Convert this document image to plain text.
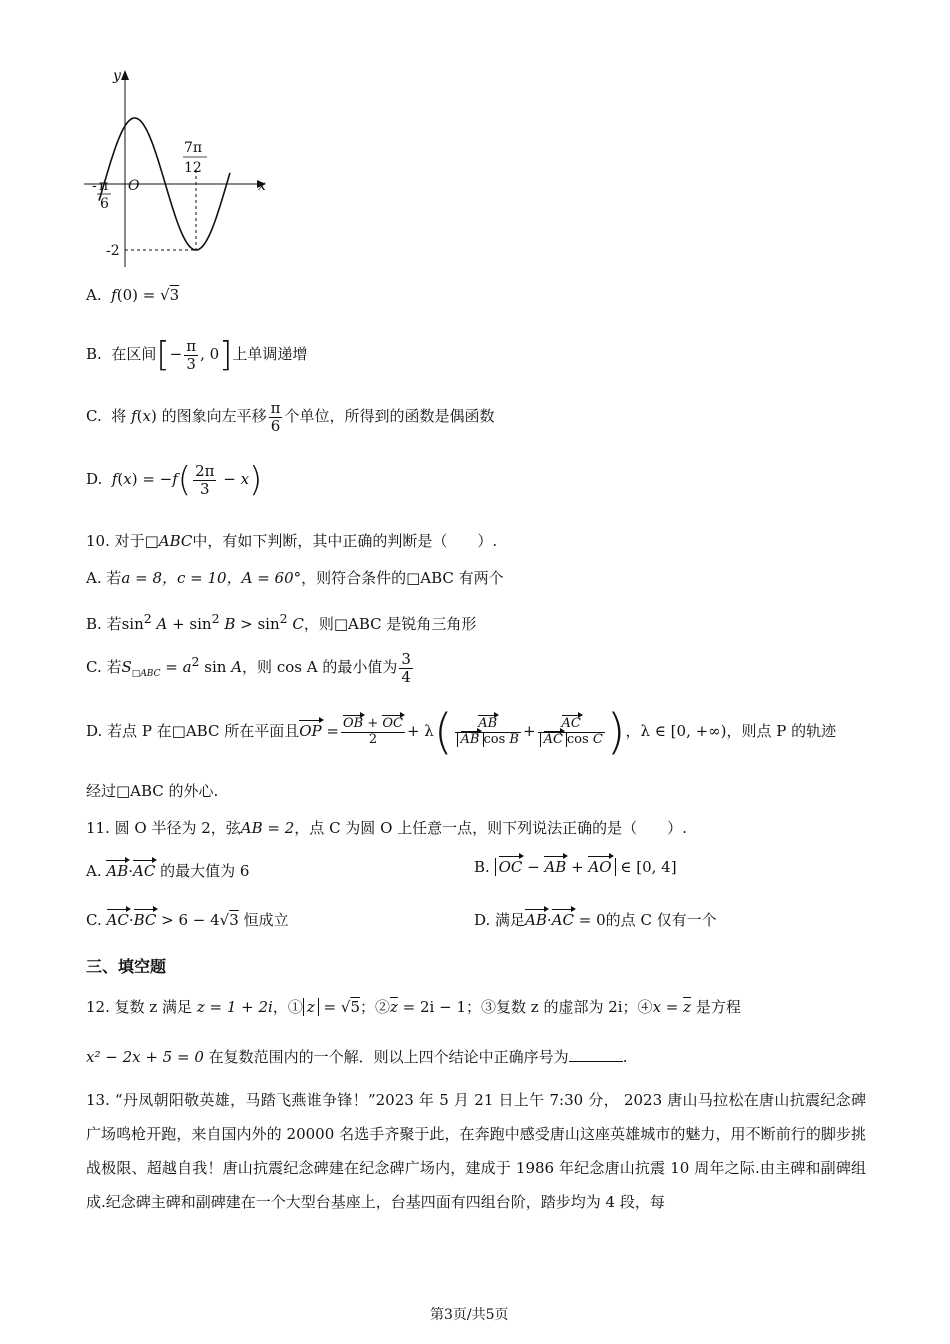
y
x
O
- π
6
7π
12
-2
A. f(0) = √3
B. 在区间[− $\frac{\pi}{3}$ , 0]上单调递增
C. 将 f(x) 的图象向左平移 $\frac{\pi}{6}$ 个单位，所得到的函数是偶函数
D. $f(x) = -f( \frac{2\pi}{3} - x)$
10. 对于□ABC中，有如下判断，其中正确的判断是（　　）.
A. 若a = 8，c = 10，A = 60°，则符合条件的□ABC 有两个
B. 若$\sin^2 A + \sin^2 B > \sin^2 C$，则□ABC 是锐角三角形
C. 若$S_{□ABC} = a^2$ sin A，则 cos A 的最小值为 $\frac{3}{4}$
D. 若点 P 在□ABC 所在平面且OP = $\frac{OB + OC}{2} + \lambda( \frac{AB}{\text{AB cos B}} + \frac{AC}{\text{AC cos C}}$ )，λ ∈ [0, +∞)，则点 P 的轨迹
经过□ABC 的外心.
11. 圆 O 半径为 2，弦AB = 2，点 C 为圆 O 上任意一点，则下列说法正确的是（　　）.
A. AB·AC 的最大值为 6	B. OC − AB + AO ∈ [0, 4]
C. AC·BC > 6 − 4√3 恒成立	D. 满足AB·AC = 0的点 C 仅有一个
三、填空题
12. 复数 z 满足 z = 1 + 2i，① z = √5；$②\overline{z} = 2i - 1$；③复数 z 的虚部为 2i；④x = $\overline{z}$ 是方程
x² − 2x + 5 = 0 在复数范围内的一个解．则以上四个结论中正确序号为	.
13. “丹凤朝阳敬英雄，马踏飞燕谁争锋！”2023 年 5 月 21 日上午 7:30 分， 2023 唐山马拉松在唐山抗震纪念碑广场鸣枪开跑，来自国内外的 20000 名选手齐聚于此，在奔跑中感受唐山这座英雄城市的魅力，用不断前行的脚步挑战极限、超越自我！唐山抗震纪念碑建在纪念碑广场内，建成于 1986 年纪念唐山抗震 10 周年之际.由主碑和副碑组成.纪念碑主碑和副碑建在一个大型台基座上，台基四面有四组台阶，踏步均为 4 段，每
第3页/共5页
